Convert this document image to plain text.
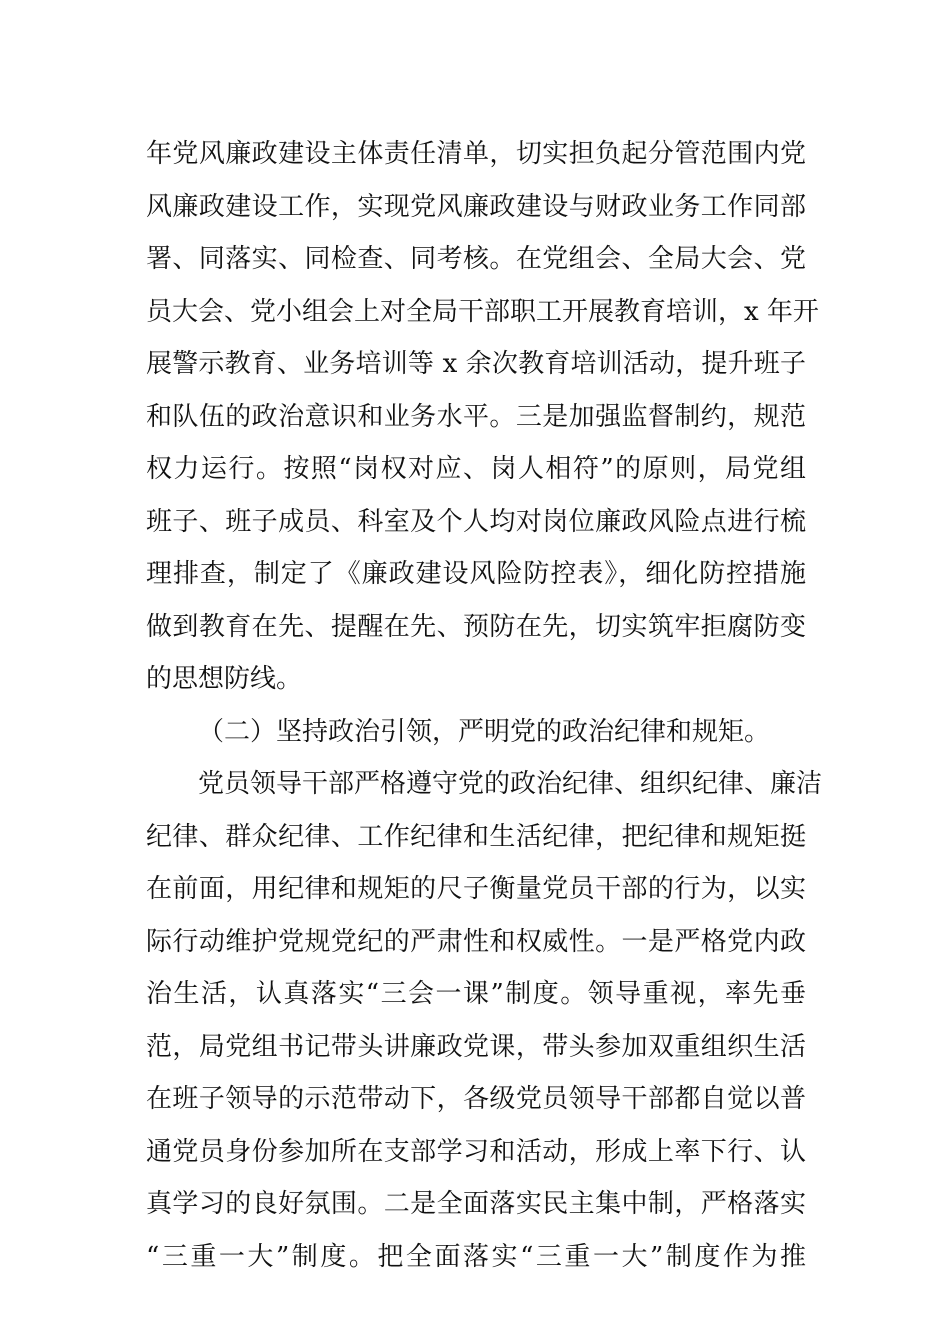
年党风廉政建设主体责任清单，切实担负起分管范围内党
风廉政建设工作，实现党风廉政建设与财政业务工作同部
署、同落实、同检查、同考核。在党组会、全局大会、党
员大会、党小组会上对全局干部职工开展教育培训，x 年开
展警示教育、业务培训等 x 余次教育培训活动，提升班子
和队伍的政治意识和业务水平。三是加强监督制约，规范
权力运行。按照“岗权对应、岗人相符”的原则，局党组
班子、班子成员、科室及个人均对岗位廉政风险点进行梳
理排查，制定了《廉政建设风险防控表》，细化防控措施
做到教育在先、提醒在先、预防在先，切实筑牢拒腐防变
的思想防线。
（二）坚持政治引领，严明党的政治纪律和规矩。
党员领导干部严格遵守党的政治纪律、组织纪律、廉洁
纪律、群众纪律、工作纪律和生活纪律，把纪律和规矩挺
在前面，用纪律和规矩的尺子衡量党员干部的行为，以实
际行动维护党规党纪的严肃性和权威性。一是严格党内政
治生活，认真落实“三会一课”制度。领导重视，率先垂
范，局党组书记带头讲廉政党课，带头参加双重组织生活
在班子领导的示范带动下，各级党员领导干部都自觉以普
通党员身份参加所在支部学习和活动，形成上率下行、认
真学习的良好氛围。二是全面落实民主集中制，严格落实
“三重一大”制度。把全面落实“三重一大”制度作为推
